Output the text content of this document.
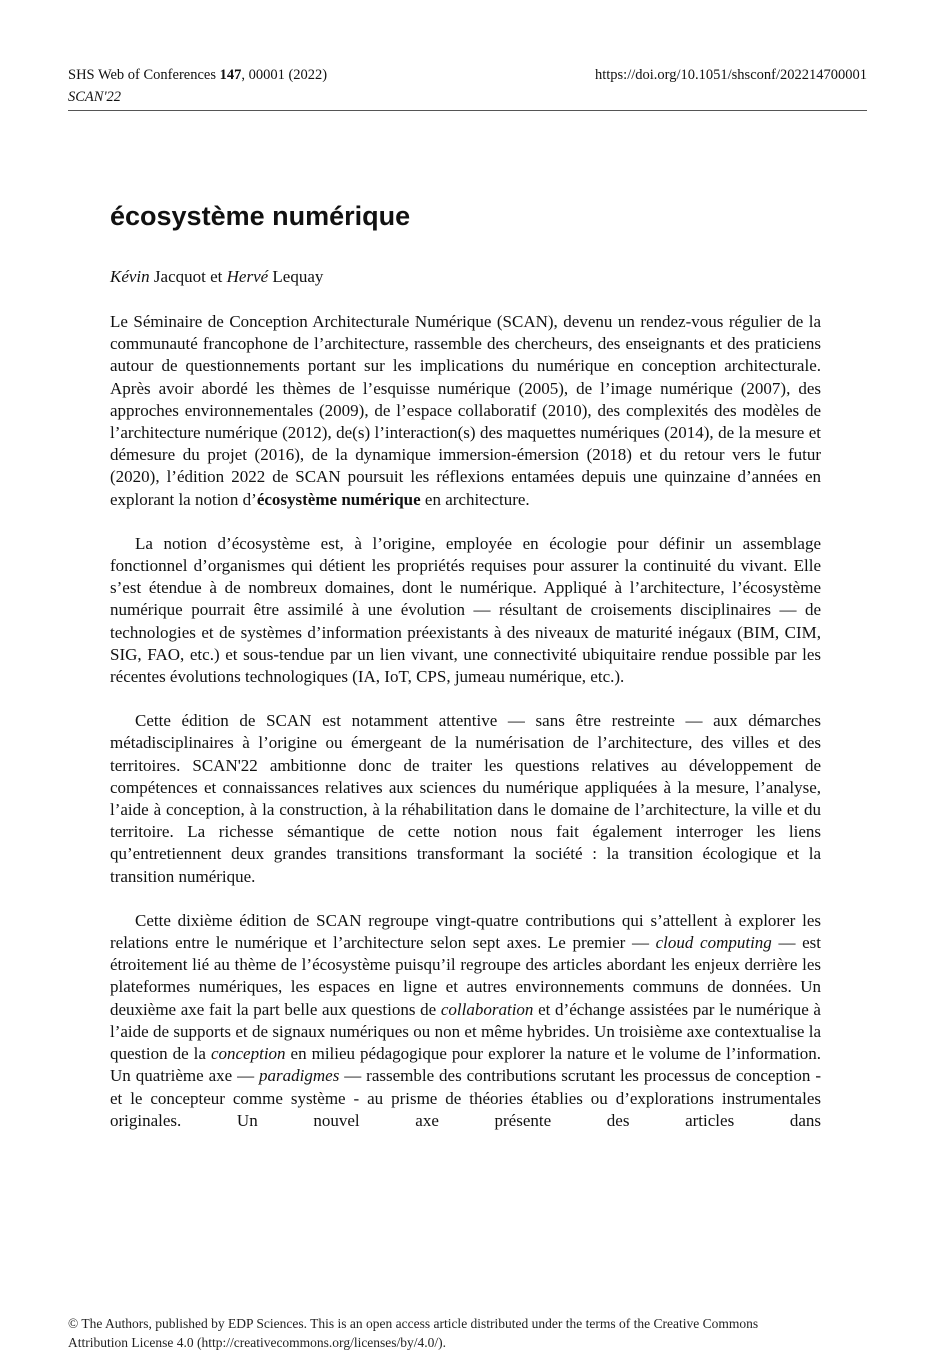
SHS Web of Conferences 147, 00001 (2022)
SCAN'22
https://doi.org/10.1051/shsconf/202214700001
écosystème numérique
Kévin Jacquot et Hervé Lequay

Le Séminaire de Conception Architecturale Numérique (SCAN), devenu un rendez-vous régulier de la communauté francophone de l’architecture, rassemble des chercheurs, des enseignants et des praticiens autour de questionnements portant sur les implications du numérique en conception architecturale. Après avoir abordé les thèmes de l’esquisse numérique (2005), de l’image numérique (2007), des approches environnementales (2009), de l’espace collaboratif (2010), des complexités des modèles de l’architecture numérique (2012), de(s) l’interaction(s) des maquettes numériques (2014), de la mesure et démesure du projet (2016), de la dynamique immersion-émersion (2018) et du retour vers le futur (2020), l’édition 2022 de SCAN poursuit les réflexions entamées depuis une quinzaine d’années en explorant la notion d’écosystème numérique en architecture.

La notion d’écosystème est, à l’origine, employée en écologie pour définir un assemblage fonctionnel d’organismes qui détient les propriétés requises pour assurer la continuité du vivant. Elle s’est étendue à de nombreux domaines, dont le numérique. Appliqué à l’architecture, l’écosystème numérique pourrait être assimilé à une évolution — résultant de croisements disciplinaires — de technologies et de systèmes d’information préexistants à des niveaux de maturité inégaux (BIM, CIM, SIG, FAO, etc.) et sous-tendue par un lien vivant, une connectivité ubiquitaire rendue possible par les récentes évolutions technologiques (IA, IoT, CPS, jumeau numérique, etc.).

Cette édition de SCAN est notamment attentive — sans être restreinte — aux démarches métadisciplinaires à l’origine ou émergeant de la numérisation de l’architecture, des villes et des territoires. SCAN'22 ambitionne donc de traiter les questions relatives au développement de compétences et connaissances relatives aux sciences du numérique appliquées à la mesure, l’analyse, l’aide à conception, à la construction, à la réhabilitation dans le domaine de l’architecture, la ville et du territoire. La richesse sémantique de cette notion nous fait également interroger les liens qu’entretiennent deux grandes transitions transformant la société : la transition écologique et la transition numérique.

Cette dixième édition de SCAN regroupe vingt-quatre contributions qui s’attellent à explorer les relations entre le numérique et l’architecture selon sept axes. Le premier — cloud computing — est étroitement lié au thème de l’écosystème puisqu’il regroupe des articles abordant les enjeux derrière les plateformes numériques, les espaces en ligne et autres environnements communs de données. Un deuxième axe fait la part belle aux questions de collaboration et d’échange assistées par le numérique à l’aide de supports et de signaux numériques ou non et même hybrides. Un troisième axe contextualise la question de la conception en milieu pédagogique pour explorer la nature et le volume de l’information. Un quatrième axe — paradigmes — rassemble des contributions scrutant les processus de conception - et le concepteur comme système - au prisme de théories établies ou d’explorations instrumentales originales. Un nouvel axe présente des articles dans

© The Authors, published by EDP Sciences. This is an open access article distributed under the terms of the Creative Commons
Attribution License 4.0 (http://creativecommons.org/licenses/by/4.0/).
